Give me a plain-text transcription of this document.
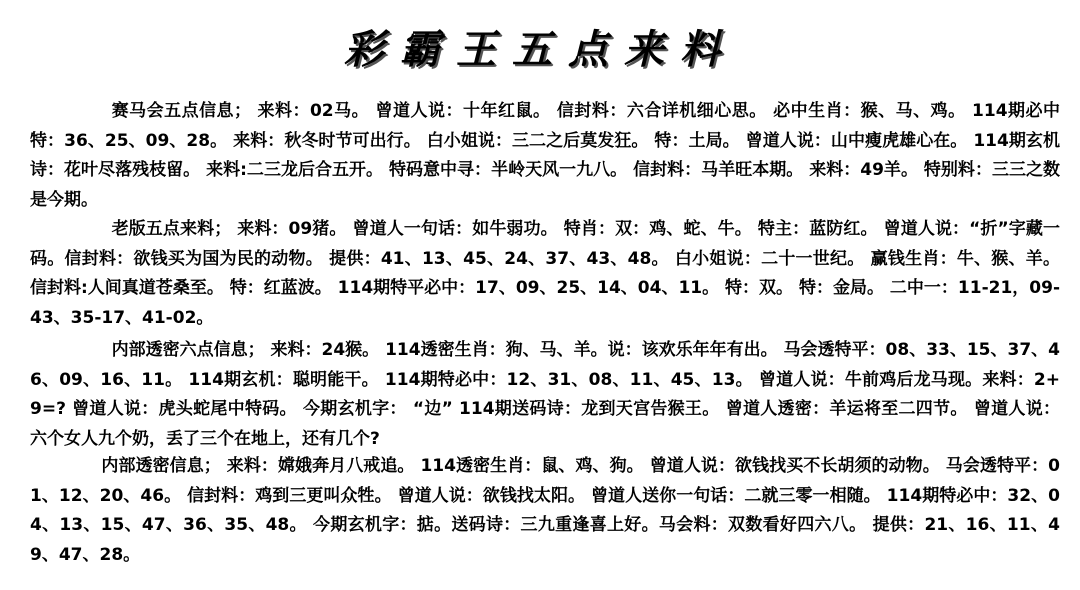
彩霸王五点来料
赛马会五点信息； 来料：02马。 曾道人说：十年红鼠。 信封料：六合详机细心思。 必中生肖：猴、马、鸡。 114期必中特：36、25、09、28。 来料：秋冬时节可出行。 白小姐说：三二之后莫发狂。 特：土局。 曾道人说：山中瘦虎雄心在。 114期玄机诗：花叶尽落残枝留。 来料:二三龙后合五开。 特码意中寻：半岭天风一九八。 信封料：马羊旺本期。 来料：49羊。 特别料：三三之数是今期。
老版五点来料； 来料：09猪。 曾道人一句话：如牛弱功。 特肖：双：鸡、蛇、牛。 特主：蓝防红。 曾道人说：“折”字藏一码。信封料：欲钱买为国为民的动物。 提供：41、13、45、24、37、43、48。 白小姐说：二十一世纪。 赢钱生肖：牛、猴、羊。 信封料:人间真道苍桑至。 特：红蓝波。 114期特平必中：17、09、25、14、04、11。 特：双。 特：金局。 二中一：11-21，09-43、35-17、41-02。
内部透密六点信息； 来料：24猴。 114透密生肖：狗、马、羊。说：该欢乐年年有出。 马会透特平：08、33、15、37、46、09、16、11。 114期玄机：聪明能干。 114期特必中：12、31、08、11、45、13。 曾道人说：牛前鸡后龙马现。来料：2+9=? 曾道人说：虎头蛇尾中特码。 今期玄机字： “边” 114期送码诗：龙到天宫告猴王。 曾道人透密：羊运将至二四节。 曾道人说：六个女人九个奶，丢了三个在地上，还有几个?
内部透密信息； 来料：嫦娥奔月八戒追。 114透密生肖：鼠、鸡、狗。 曾道人说：欲钱找买不长胡须的动物。 马会透特平：01、12、20、46。 信封料：鸡到三更叫众牲。 曾道人说：欲钱找太阳。 曾道人送你一句话：二就三零一相随。 114期特必中：32、04、13、15、47、36、35、48。 今期玄机字：掂。送码诗：三九重逢喜上好。马会料：双数看好四六八。 提供：21、16、11、49、47、28。
